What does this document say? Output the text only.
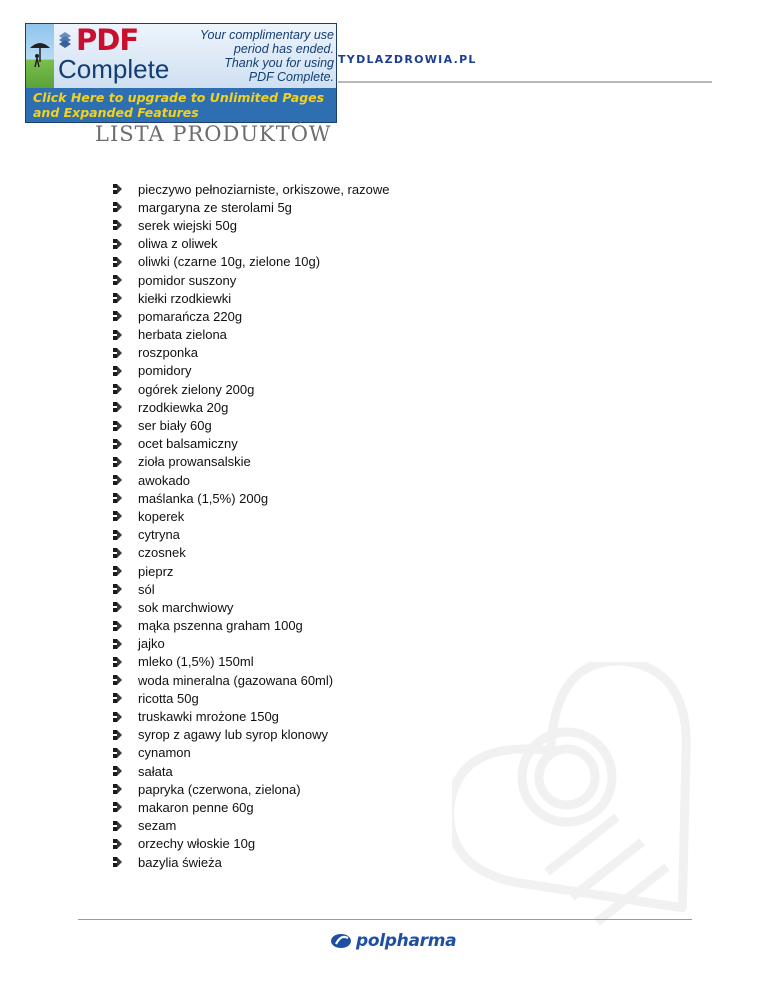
PDF
Complete
Your complimentary use period has ended. Thank you for using PDF Complete.
Click Here to upgrade to Unlimited Pages and Expanded Features
TYDLAZDROWIA.PL
LISTA PRODUKTÓW
pieczywo pełnoziarniste, orkiszowe, razowe
margaryna ze sterolami 5g
serek wiejski 50g
oliwa z oliwek
oliwki (czarne 10g, zielone 10g)
pomidor suszony
kiełki rzodkiewki
pomarańcza 220g
herbata zielona
roszponka
pomidory
ogórek zielony 200g
rzodkiewka 20g
ser biały 60g
ocet balsamiczny
zioła prowansalskie
awokado
maślanka (1,5%) 200g
koperek
cytryna
czosnek
pieprz
sól
sok marchwiowy
mąka pszenna graham 100g
jajko
mleko (1,5%) 150ml
woda mineralna (gazowana 60ml)
ricotta 50g
truskawki mrożone 150g
syrop z agawy lub syrop klonowy
cynamon
sałata
papryka (czerwona, zielona)
makaron penne 60g
sezam
orzechy włoskie 10g
bazylia świeża
polpharma
